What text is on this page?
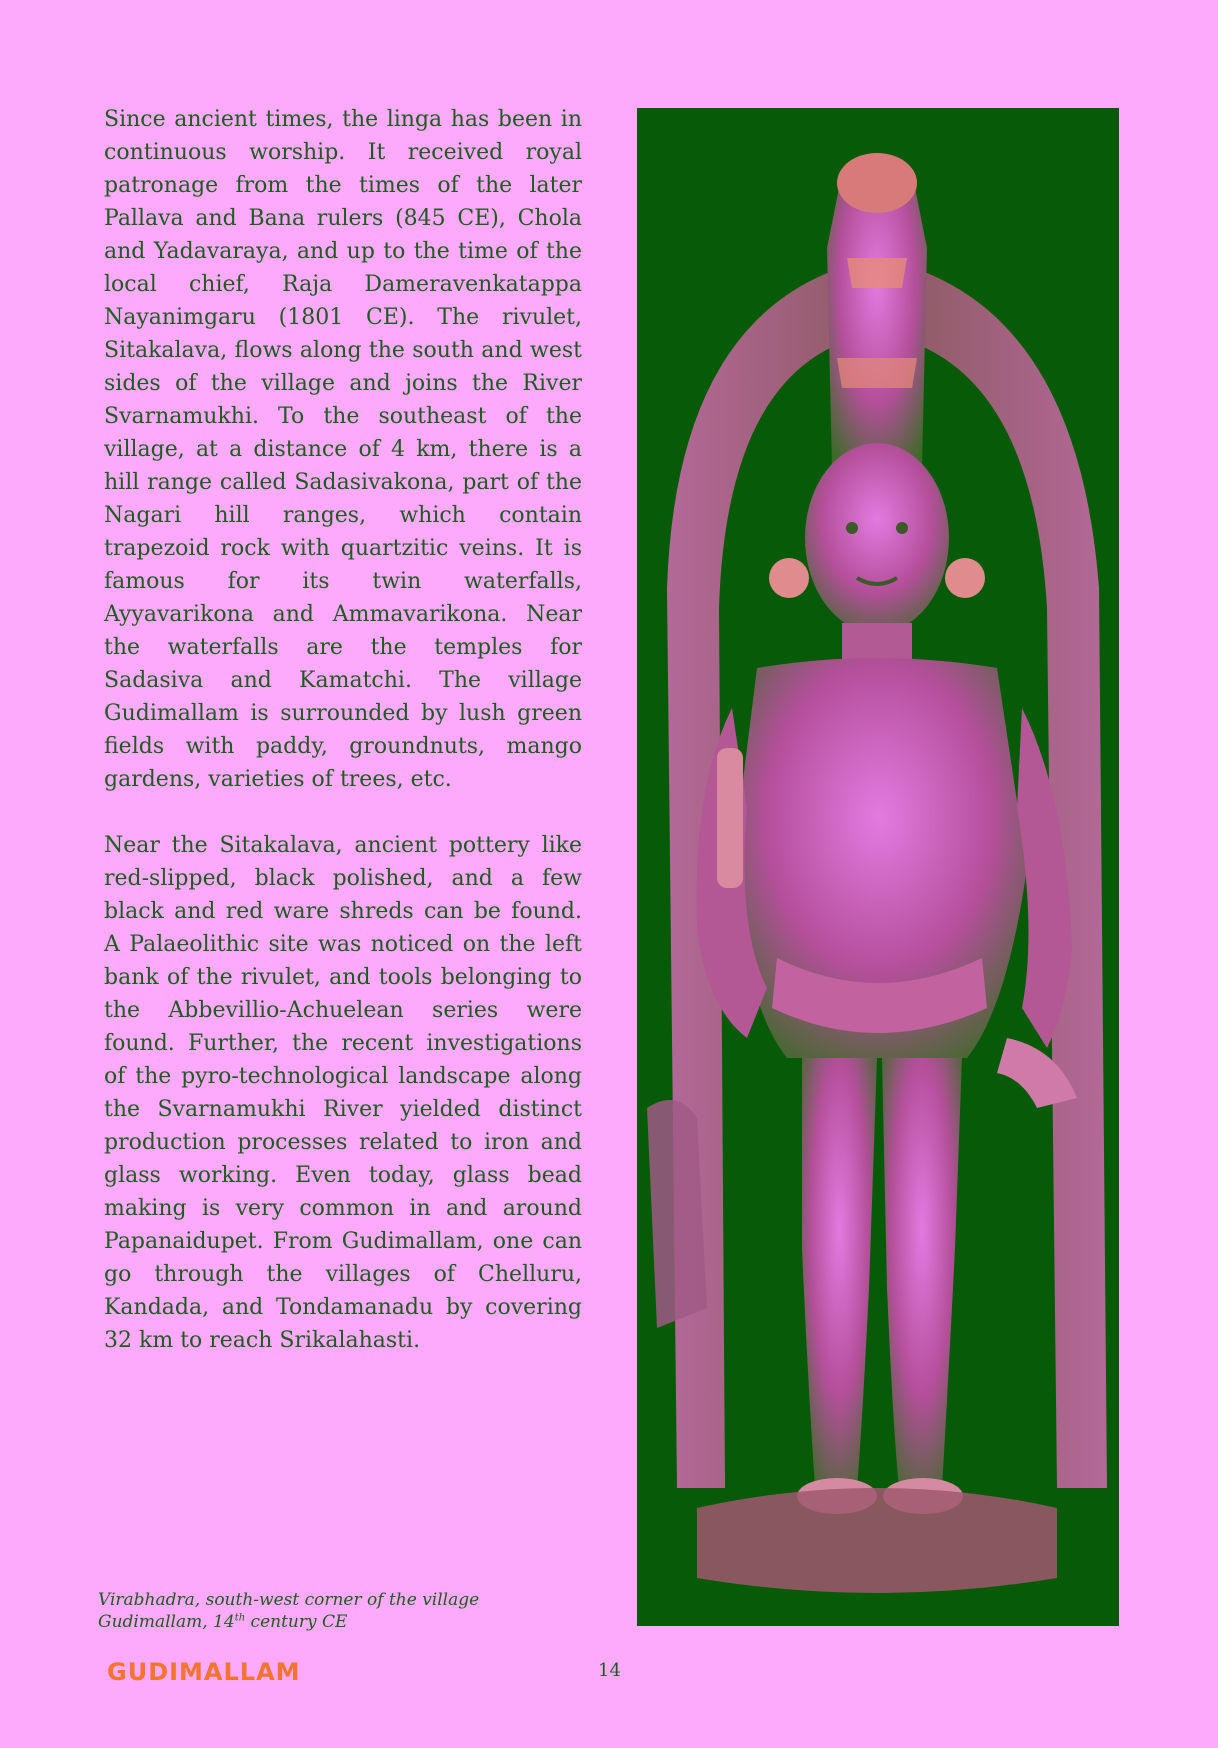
Since ancient times, the linga has been in continuous worship. It received royal patronage from the times of the later Pallava and Bana rulers (845 CE), Chola and Yadavaraya, and up to the time of the local chief, Raja Dameravenkatappa Nayanimgaru (1801 CE). The rivulet, Sitakalava, flows along the south and west sides of the village and joins the River Svarnamukhi. To the southeast of the village, at a distance of 4 km, there is a hill range called Sadasivakona, part of the Nagari hill ranges, which contain trapezoid rock with quartzitic veins. It is famous for its twin waterfalls, Ayyavarikona and Ammavarikona. Near the waterfalls are the temples for Sadasiva and Kamatchi. The village Gudimallam is surrounded by lush green fields with paddy, groundnuts, mango gardens, varieties of trees, etc.

Near the Sitakalava, ancient pottery like red-slipped, black polished, and a few black and red ware shreds can be found. A Palaeolithic site was noticed on the left bank of the rivulet, and tools belonging to the Abbevillio-Achuelean series were found. Further, the recent investigations of the pyro-technological landscape along the Svarnamukhi River yielded distinct production processes related to iron and glass working. Even today, glass bead making is very common in and around Papanaidupet. From Gudimallam, one can go through the villages of Chelluru, Kandada, and Tondamanadu by covering 32 km to reach Srikalahasti.

Virabhadra, south-west corner of the village
Gudimallam, 14th century CE
GUDIMALLAM	14
